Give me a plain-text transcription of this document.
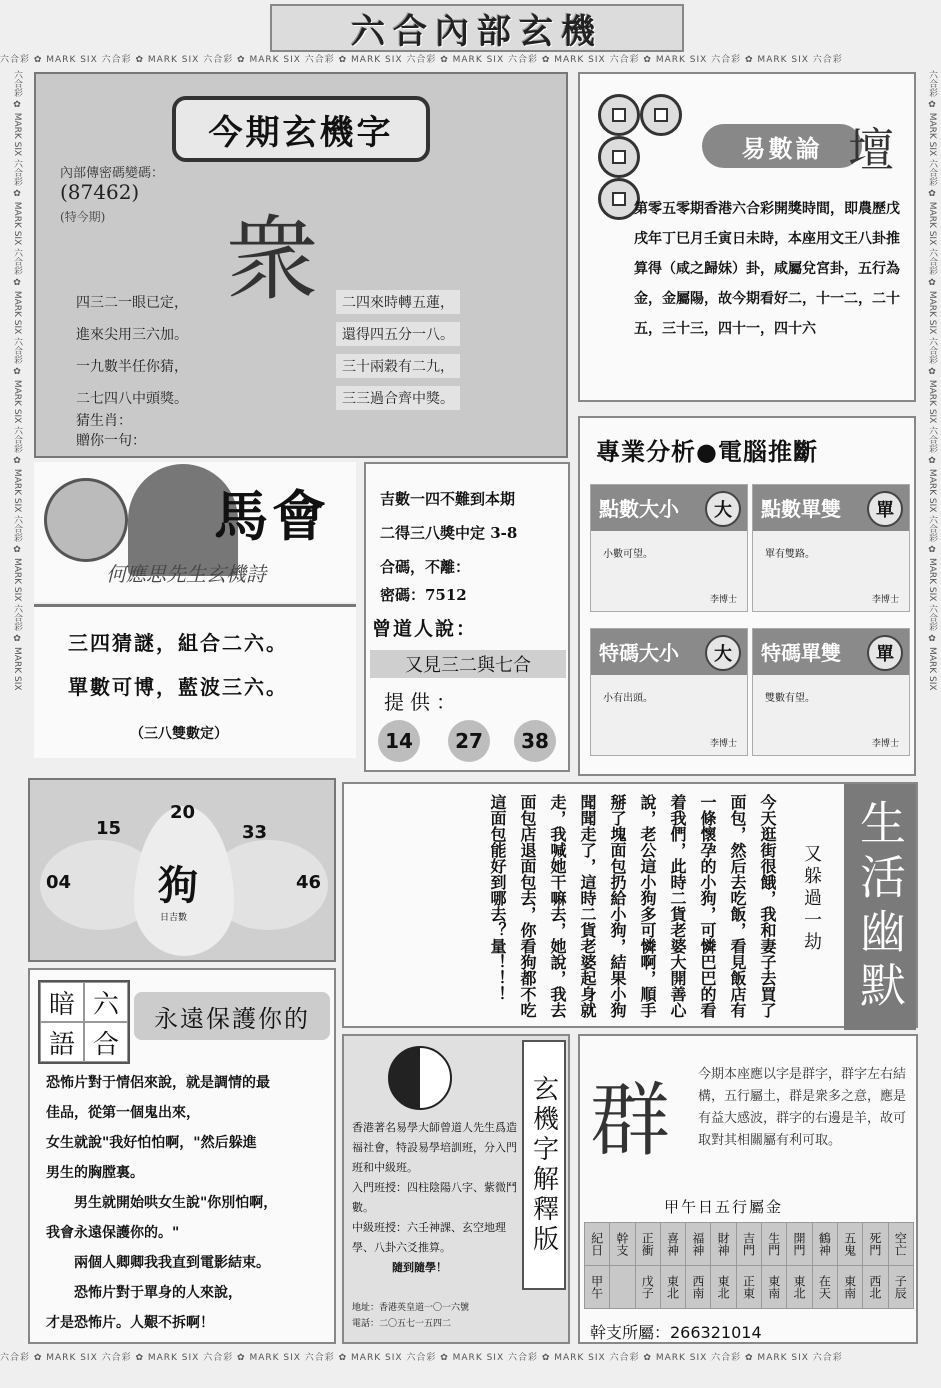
六合內部玄機
六合彩 ✿ MARK SIX 六合彩 ✿ MARK SIX 六合彩 ✿ MARK SIX 六合彩 ✿ MARK SIX 六合彩 ✿ MARK SIX 六合彩 ✿ MARK SIX 六合彩 ✿ MARK SIX 六合彩 ✿ MARK SIX 六合彩
六合彩 ✿ MARK SIX 六合彩 ✿ MARK SIX 六合彩 ✿ MARK SIX 六合彩 ✿ MARK SIX 六合彩 ✿ MARK SIX 六合彩 ✿ MARK SIX 六合彩 ✿ MARK SIX 六合彩 ✿ MARK SIX 六合彩
六合彩 ✿ MARK SIX 六合彩 ✿ MARK SIX 六合彩 ✿ MARK SIX 六合彩 ✿ MARK SIX 六合彩 ✿ MARK SIX 六合彩 ✿ MARK SIX 六合彩 ✿ MARK SIX	六合彩 ✿ MARK SIX 六合彩 ✿ MARK SIX 六合彩 ✿ MARK SIX 六合彩 ✿ MARK SIX 六合彩 ✿ MARK SIX 六合彩 ✿ MARK SIX 六合彩 ✿ MARK SIX
今期玄機字
內部傳密碼變碼：
(87462)
(特今期) 衆
四三二一眼已定，
進來尖用三六加。
一九數半任你猜，
二七四八中頭獎。
二四來時轉五蓮，
還得四五分一八。
三十兩穀有二九，
三三過合齊中獎。
猜生肖：
贈你一句：
易數論 壇
第零五零期香港六合彩開獎時間，即農歷戊戌年丁巳月壬寅日未時，本座用文王八卦推算得（咸之歸妹）卦，咸屬兌宮卦，五行為金，金屬陽，故今期看好二，十一二，二十五，三十三，四十一，四十六
馬會
何應思先生玄機詩
三四猜謎，組合二六。
單數可博，藍波三六。
（三八雙數定）
吉數一四不難到本期
二得三八獎中定 3-8
合碼，不離：
密碼：7512
曾道人說：
又見三二與七合
提供：
14	27	38
專業分析●電腦推斷
點數大小	大
小數可望。
李博士
點數單雙	單
單有雙路。
李博士
特碼大小	大
小有出頭。
李博士
特碼單雙	單
雙數有望。
李博士
04
15
20
33
46
狗
日吉數	今天逛街很餓，我和妻子去買了
面包，然后去吃飯，看見飯店有
一條懷孕的小狗，可憐巴巴的看
着我們，此時二貨老婆大開善心
說，老公這小狗多可憐啊，順手
掰了塊面包扔給小狗，結果小狗
聞聞走了，這時二貨老婆起身就
走，我喊她干嘛去，她說，我去
面包店退面包去，你看狗都不吃
這面包能好到哪去？量！！！	又躲過一劫 生活幽默
暗 六
語 合
永遠保護你的
恐怖片對于情侶來說，就是調情的最
佳品，從第一個鬼出來，
女生就說"我好怕怕啊，"然后躲進
男生的胸膛裏。
男生就開始哄女生說"你別怕啊，
我會永遠保護你的。"
兩個人卿卿我我直到電影結束。
恐怖片對于單身的人來說，
才是恐怖片。人艱不拆啊！
香港著名易學大師曾道人先生爲造福社會，特設易學培訓班，分入門班和中級班。
入門班授：四柱陰陽八字、紫微鬥數。
中級班授：六壬神課、玄空地理學、八卦六爻推算。
隨到隨學！
玄機字解釋版
地址：香港英皇道一〇一六號
電話：二〇五七一五四二
群 今期本座應以字是群字，群字左右結構，五行屬土，群是衆多之意，應是有益大感波，群字的右邊是羊，故可取對其相關屬有利可取。
甲午日五行屬金
紀日	幹支	正衝	喜神	福神	財神	吉門	生門	開門	鶴神	五鬼	死門	空亡
甲午		戊子	東北	西南	東北	正東	東南	東北	在天	東南	西北	子辰
幹支所屬：266321014
